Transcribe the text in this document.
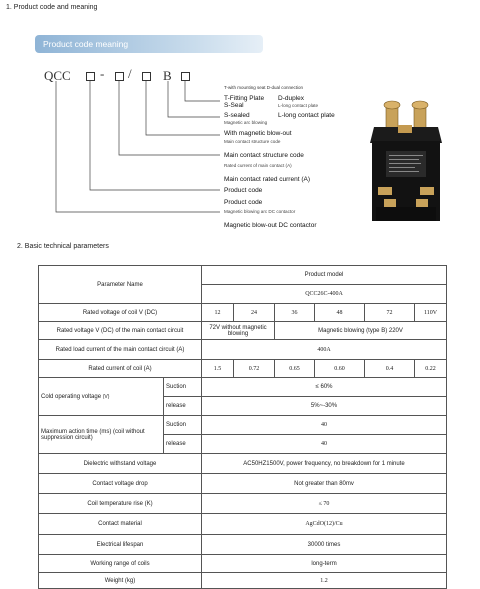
1. Product code and meaning
Product code meaning
QCC - / B
T-with mounting seat D-dual connection
T-Fitting Plate D-duplex
S-Seal	L-long contact plate
S-sealed	L-long contact plate
Magnetic arc blowing
With magnetic blow-out
Main contact structure code
Main contact structure code
Rated current of main contact (A)
Main contact rated current (A)
Product code
Product code
Magnetic blowing arc DC contactor
Magnetic blow-out DC contactor
2. Basic technical parameters
Parameter Name		Product model					
		QCC26C-400A					
Rated voltage of coil V (DC)		12	24	36	48	72	110V
Rated voltage V (DC) of the main contact circuit		72V without magnetic blowing		Magnetic blowing (type B) 220V			
Rated load current of the main contact circuit (A)		400A					
Rated current of coil (A)		1.5	0.72	0.65	0.60	0.4	0.22
Cold operating voltage (V)	Suction	≤ 60%					
	release	5%~-30%					
Maximum action time (ms) (coil without suppression circuit)	Suction	40					
	release	40					
Dielectric withstand voltage		AC50HZ1500V, power frequency, no breakdown for 1 minute					
Contact voltage drop		Not greater than 80mv					
Coil temperature rise (K)		≤ 70					
Contact material		AgCdO(12)/Cu					
Electrical lifespan		30000 times					
Working range of coils		long-term					
Weight (kg)		1.2					
